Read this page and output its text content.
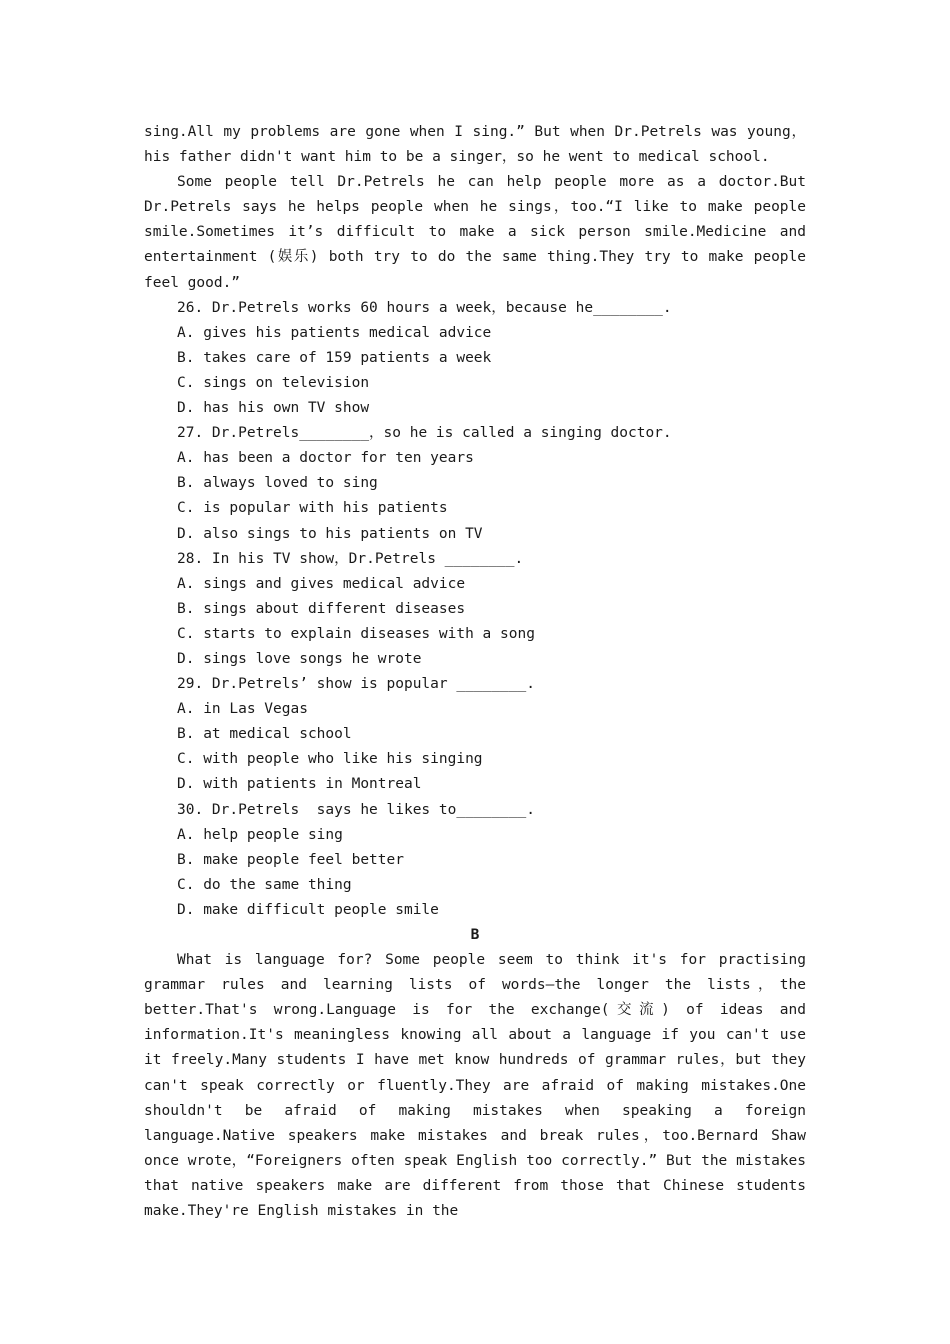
sing.All my problems are gone when I sing.” But when Dr.Petrels was young，his father didn't want him to be a singer，so he went to medical school.

Some people tell Dr.Petrels he can help people more as a doctor.But Dr.Petrels says he helps people when he sings，too.“I like to make people smile.Sometimes it’s difficult to make a sick person smile.Medicine and entertainment (娱乐) both try to do the same thing.They try to make people feel good.”

26. Dr.Petrels works 60 hours a week，because he________.

A. gives his patients medical advice

B. takes care of 159 patients a week

C. sings on television

D. has his own TV show

27. Dr.Petrels________，so he is called a singing doctor.

A. has been a doctor for ten years

B. always loved to sing

C. is popular with his patients

D. also sings to his patients on TV

28. In his TV show，Dr.Petrels ________.

A. sings and gives medical advice

B. sings about different diseases

C. starts to explain diseases with a song

D. sings love songs he wrote

29. Dr.Petrels’ show is popular ________.

A. in Las Vegas

B. at medical school

C. with people who like his singing

D. with patients in Montreal

30. Dr.Petrels  says he likes to________.

A. help people sing

B. make people feel better

C. do the same thing

D. make difficult people smile

B

What is language for? Some people seem to think it's for practising grammar rules and learning lists of words—the longer the lists，the better.That's wrong.Language is for the exchange(交流) of ideas and information.It's meaningless knowing all about a language if you can't use it freely.Many students I have met know hundreds of grammar rules，but they can't speak correctly or fluently.They are afraid of making mistakes.One shouldn't be afraid of making mistakes when speaking a foreign language.Native speakers make mistakes and break rules，too.Bernard Shaw once wrote，“Foreigners often speak English too correctly.” But the mistakes that native speakers make are different from those that Chinese students make.They're English mistakes in the
